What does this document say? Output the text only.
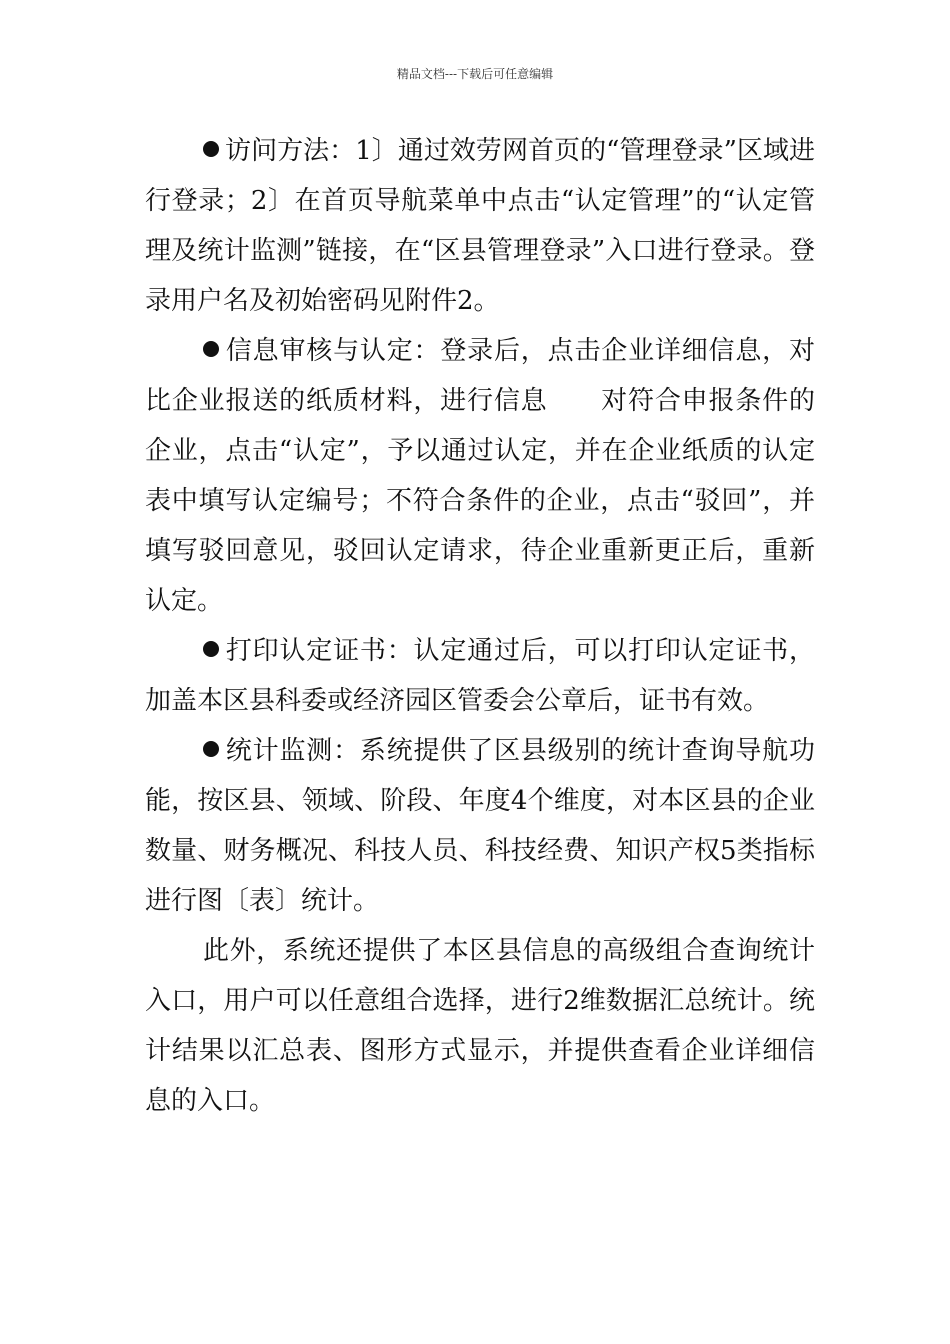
精品文档---下载后可任意编辑

访问方法：1〕通过效劳网首页的“管理登录”区域进行登录；2〕在首页导航菜单中点击“认定管理”的“认定管理及统计监测”链接，在“区县管理登录”入口进行登录。登录用户名及初始密码见附件2。

信息审核与认定：登录后，点击企业详细信息，对比企业报送的纸质材料，进行信息　　对符合申报条件的企业，点击“认定”，予以通过认定，并在企业纸质的认定表中填写认定编号；不符合条件的企业，点击“驳回”，并填写驳回意见，驳回认定请求，待企业重新更正后，重新认定。

打印认定证书：认定通过后，可以打印认定证书，加盖本区县科委或经济园区管委会公章后，证书有效。

统计监测：系统提供了区县级别的统计查询导航功能，按区县、领域、阶段、年度4个维度，对本区县的企业数量、财务概况、科技人员、科技经费、知识产权5类指标进行图〔表〕统计。

此外，系统还提供了本区县信息的高级组合查询统计入口，用户可以任意组合选择，进行2维数据汇总统计。统计结果以汇总表、图形方式显示，并提供查看企业详细信息的入口。
